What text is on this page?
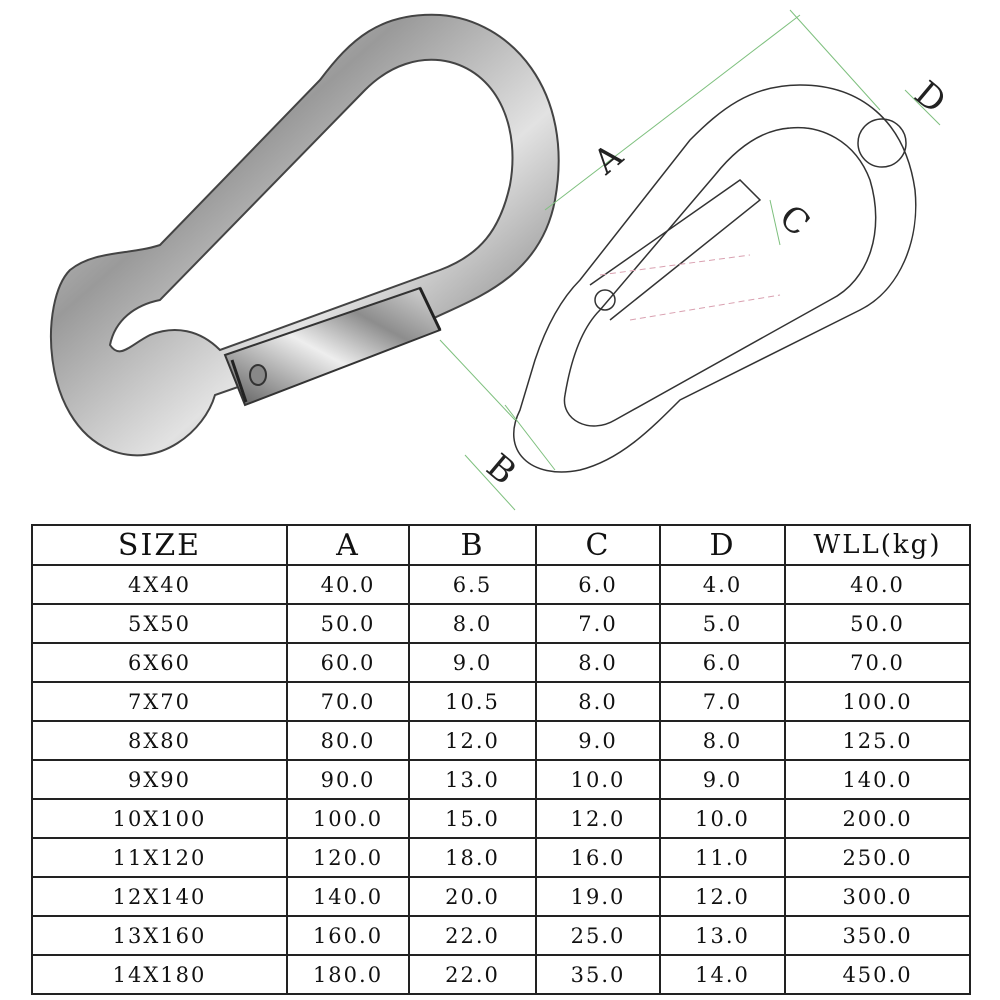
A
B
C
D
SIZE	A	B	C	D	WLL(kg)
4X40	40.0	6.5	6.0	4.0	40.0
5X50	50.0	8.0	7.0	5.0	50.0
6X60	60.0	9.0	8.0	6.0	70.0
7X70	70.0	10.5	8.0	7.0	100.0
8X80	80.0	12.0	9.0	8.0	125.0
9X90	90.0	13.0	10.0	9.0	140.0
10X100	100.0	15.0	12.0	10.0	200.0
11X120	120.0	18.0	16.0	11.0	250.0
12X140	140.0	20.0	19.0	12.0	300.0
13X160	160.0	22.0	25.0	13.0	350.0
14X180	180.0	22.0	35.0	14.0	450.0
